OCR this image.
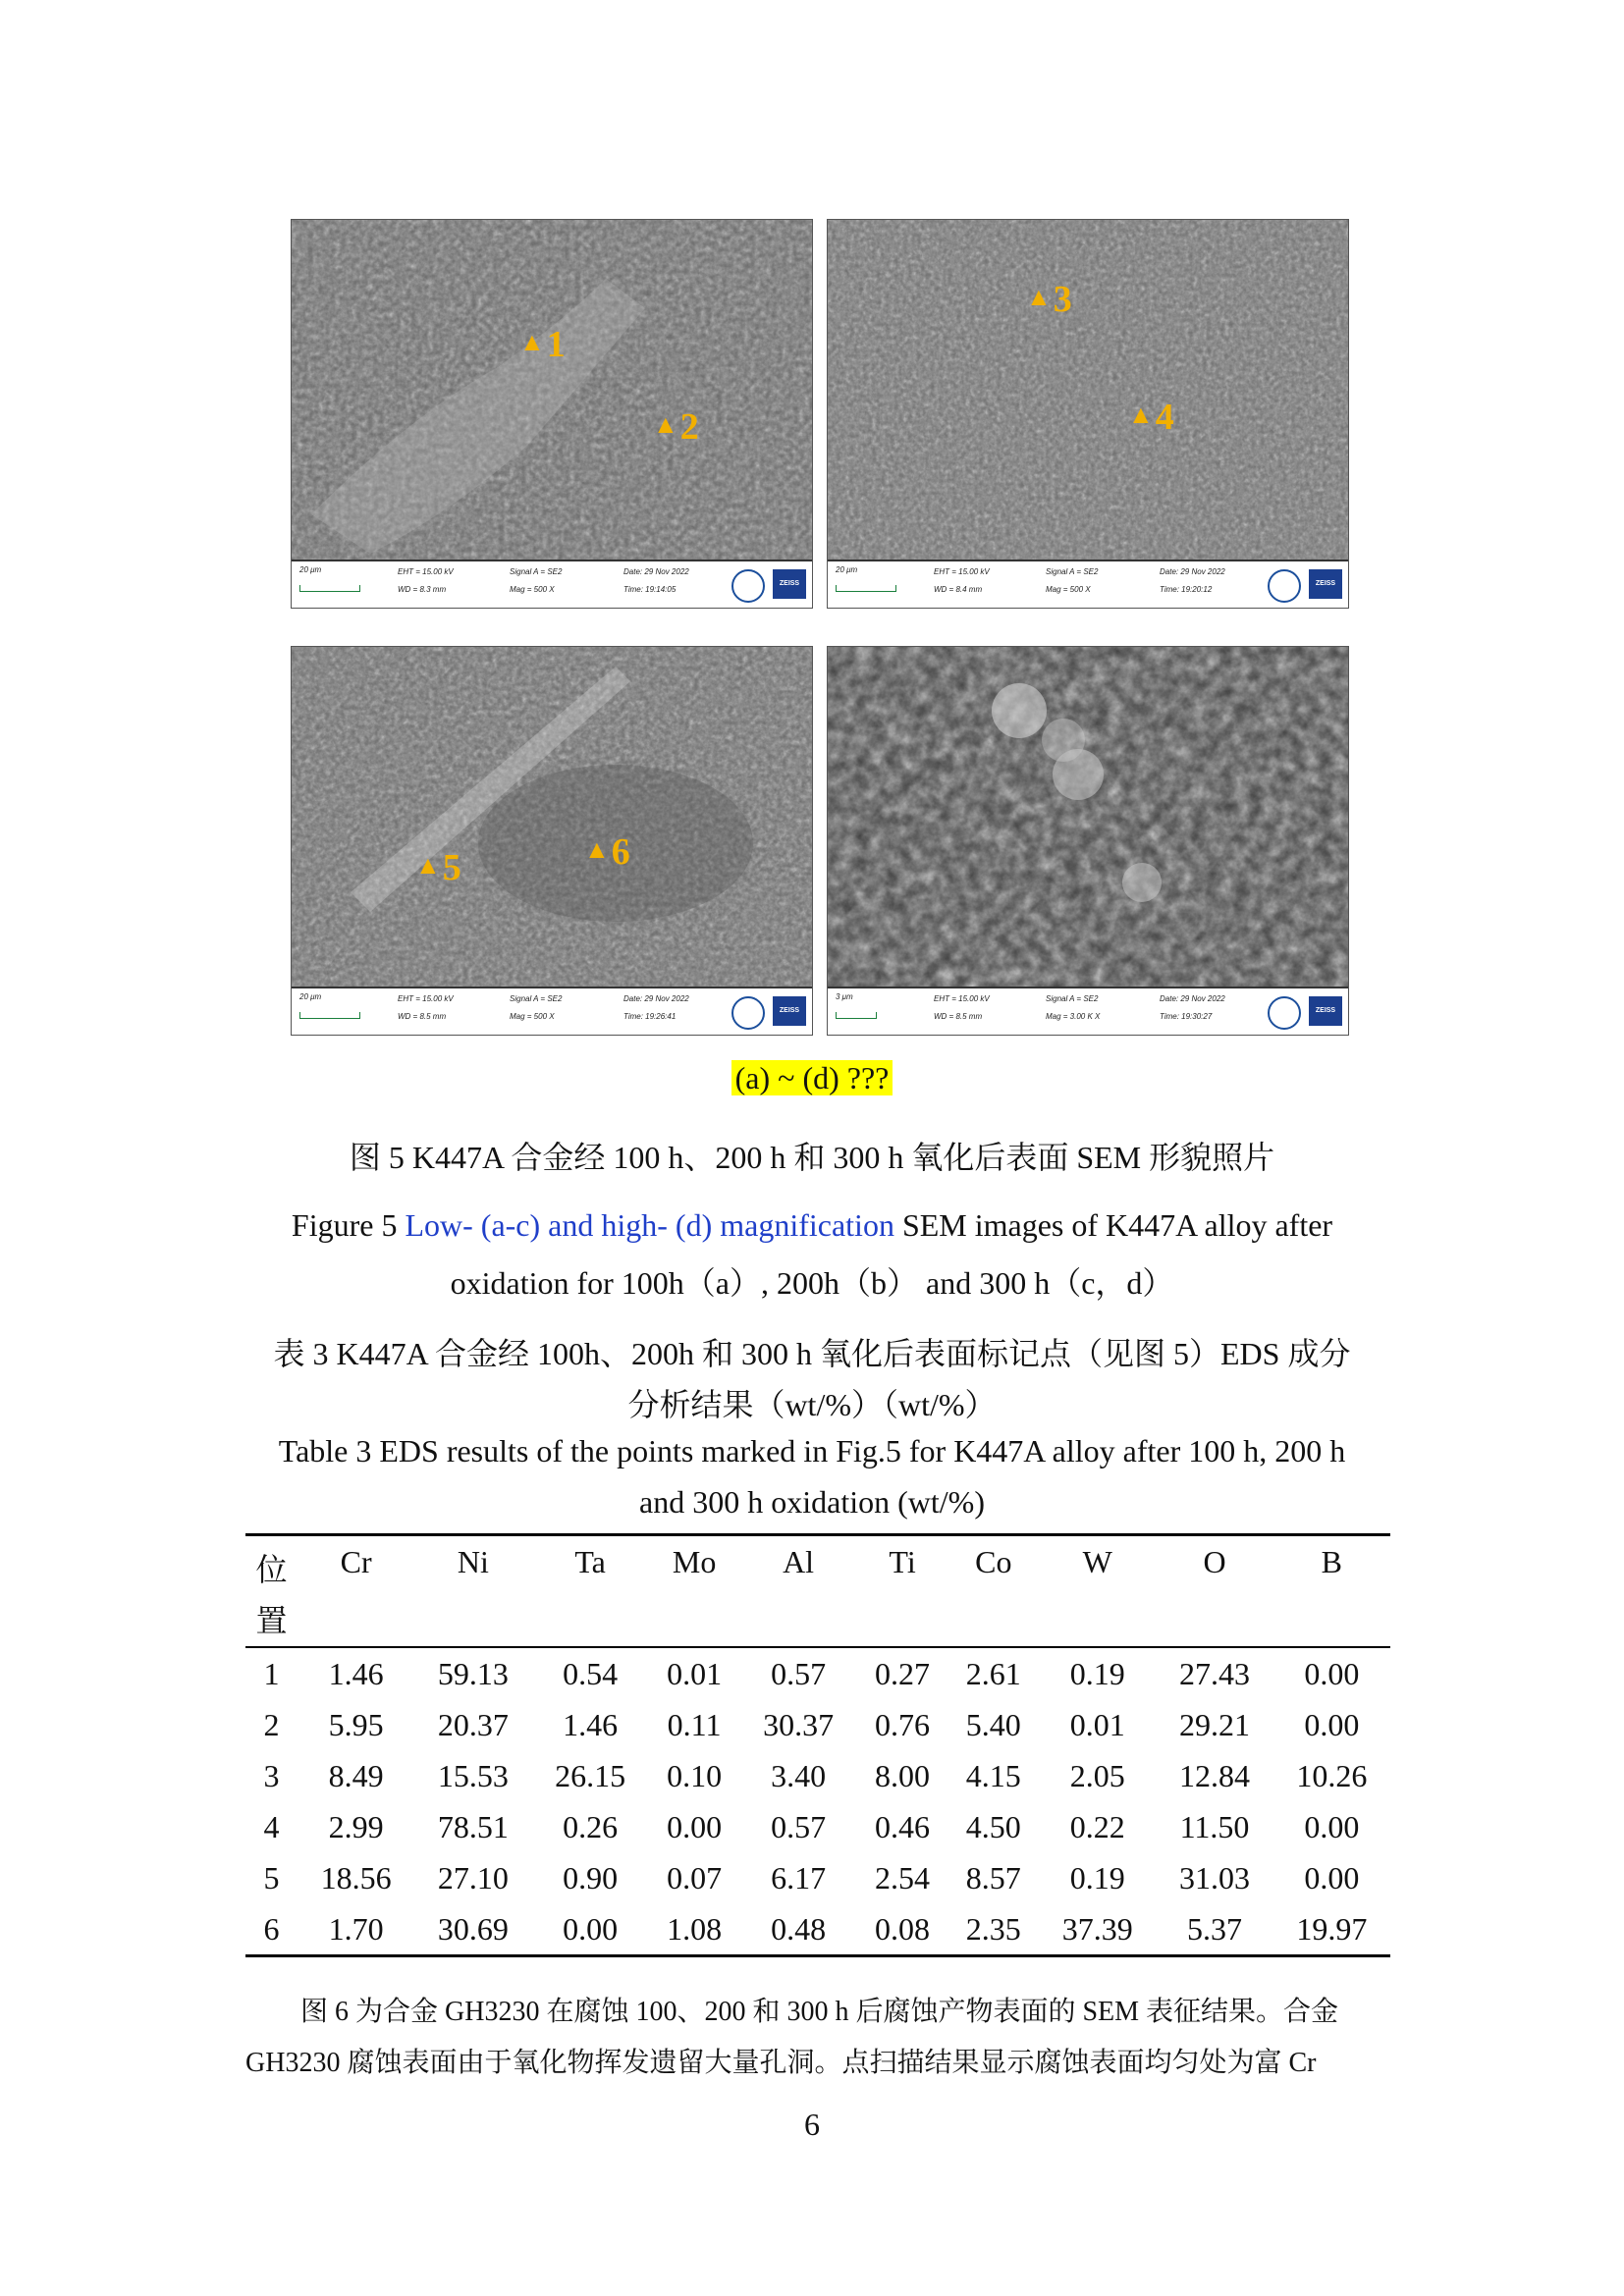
▲1
▲2
20 μm	EHT = 15.00 kV
WD = 8.3 mm
Signal A = SE2
Mag = 500 X
Date: 29 Nov 2022
Time: 19:14:05
ZEISS
▲3
▲4
20 μm	EHT = 15.00 kV
WD = 8.4 mm
Signal A = SE2
Mag = 500 X
Date: 29 Nov 2022
Time: 19:20:12
ZEISS
▲5	▲6
20 μm	EHT = 15.00 kV
WD = 8.5 mm
Signal A = SE2
Mag = 500 X
Date: 29 Nov 2022
Time: 19:26:41
ZEISS
3 μm	EHT = 15.00 kV
WD = 8.5 mm
Signal A = SE2
Mag = 3.00 K X
Date: 29 Nov 2022
Time: 19:30:27
ZEISS
(a) ~ (d) ???
图 5 K447A 合金经 100 h、200 h 和 300 h 氧化后表面 SEM 形貌照片
Figure 5 Low- (a-c) and high- (d) magnification SEM images of K447A alloy after
oxidation for 100h（a）, 200h（b） and 300 h（c，d）
表 3 K447A 合金经 100h、200h 和 300 h 氧化后表面标记点（见图 5）EDS 成分
分析结果（wt/%）（wt/%）
Table 3 EDS results of the points marked in Fig.5 for K447A alloy after 100 h, 200 h
and 300 h oxidation (wt/%)
位
置	Cr	Ni	Ta	Mo	Al	Ti	Co	W	O	B
1	1.46	59.13	0.54	0.01	0.57	0.27	2.61	0.19	27.43	0.00
2	5.95	20.37	1.46	0.11	30.37	0.76	5.40	0.01	29.21	0.00
3	8.49	15.53	26.15	0.10	3.40	8.00	4.15	2.05	12.84	10.26
4	2.99	78.51	0.26	0.00	0.57	0.46	4.50	0.22	11.50	0.00
5	18.56	27.10	0.90	0.07	6.17	2.54	8.57	0.19	31.03	0.00
6	1.70	30.69	0.00	1.08	0.48	0.08	2.35	37.39	5.37	19.97
图 6 为合金 GH3230 在腐蚀 100、200 和 300 h 后腐蚀产物表面的 SEM 表征结果。合金
GH3230 腐蚀表面由于氧化物挥发遗留大量孔洞。点扫描结果显示腐蚀表面均匀处为富 Cr
6
